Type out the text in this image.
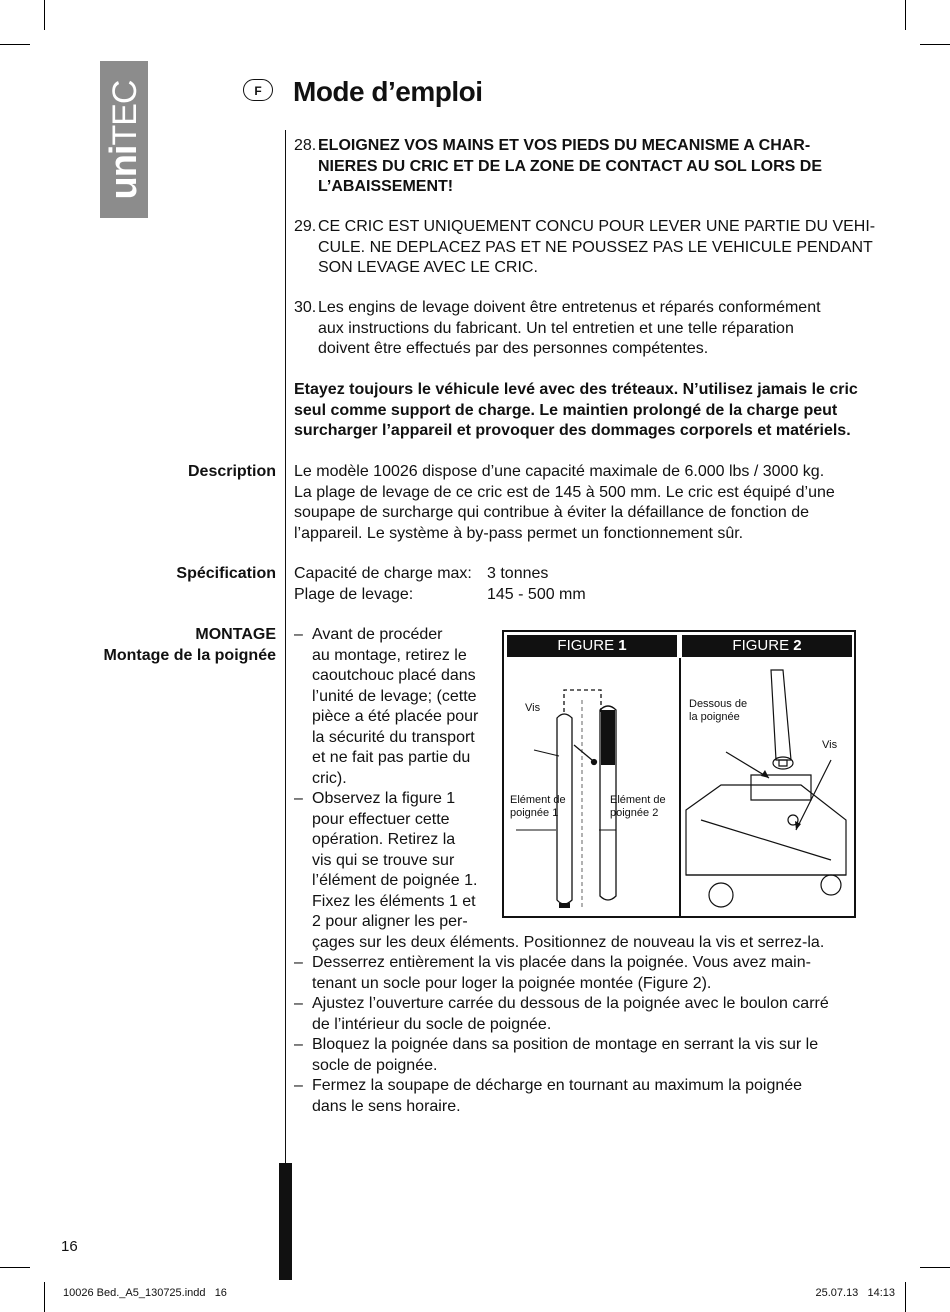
uniTEC	F	Mode d’emploi
28. ELOIGNEZ VOS MAINS ET VOS PIEDS DU MECANISME A CHAR-
NIERES DU CRIC ET DE LA ZONE DE CONTACT AU SOL LORS DE
L’ABAISSEMENT!
29. CE CRIC EST UNIQUEMENT CONCU POUR LEVER UNE PARTIE DU VEHI-
CULE. NE DEPLACEZ PAS ET NE POUSSEZ PAS LE VEHICULE PENDANT
SON LEVAGE AVEC LE CRIC.
30. Les engins de levage doivent être entretenus et réparés conformément
aux instructions du fabricant. Un tel entretien et une telle réparation
doivent être effectués par des personnes compétentes.
Etayez toujours le véhicule levé avec des tréteaux. N’utilisez jamais le cric
seul comme support de charge. Le maintien prolongé de la charge peut
surcharger l’appareil et provoquer des dommages corporels et matériels.
Description Le modèle 10026 dispose d’une capacité maximale de 6.000 lbs / 3000 kg.
La plage de levage de ce cric est de 145 à 500 mm. Le cric est équipé d’une
soupape de surcharge qui contribue à éviter la défaillance de fonction de
l’appareil. Le système à by-pass permet un fonctionnement sûr.
Spécification Capacité de charge max: 3 tonnes
Plage de levage:	145 - 500 mm
MONTAGE
Montage de la poignée
– Avant de procéder
au montage, retirez le
caoutchouc placé dans
l’unité de levage; (cette
pièce a été placée pour
la sécurité du transport
et ne fait pas partie du
cric).
– Observez la figure 1
pour effectuer cette
opération. Retirez la
vis qui se trouve sur
l’élément de poignée 1.
Fixez les éléments 1 et
2 pour aligner les per-
çages sur les deux éléments. Positionnez de nouveau la vis et serrez-la.
– Desserrez entièrement la vis placée dans la poignée. Vous avez main-
tenant un socle pour loger la poignée montée (Figure 2).
– Ajustez l’ouverture carrée du dessous de la poignée avec le boulon carré
de l’intérieur du socle de poignée.
– Bloquez la poignée dans sa position de montage en serrant la vis sur le
socle de poignée.
– Fermez la soupape de décharge en tournant au maximum la poignée
dans le sens horaire.
FIGURE 1	FIGURE 2
Vis
Elément de
poignée 1
Elément de
poignée 2
Dessous de
la poignée
Vis
16
10026 Bed._A5_130725.indd   16	25.07.13   14:13
